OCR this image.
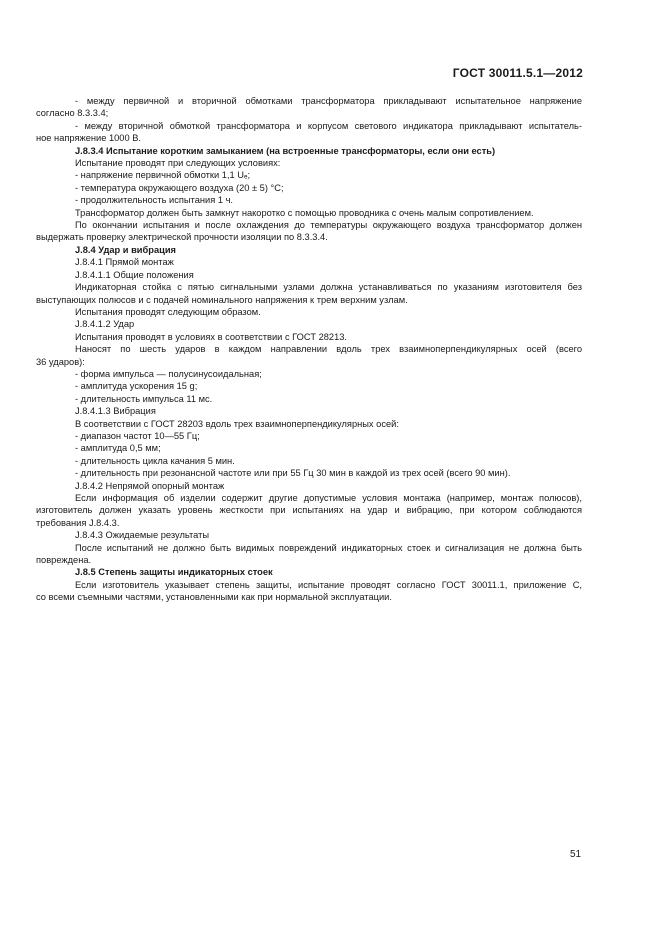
ГОСТ 30011.5.1—2012
- между первичной и вторичной обмотками трансформатора прикладывают испытательное напряжение
согласно 8.3.3.4;
- между вторичной обмоткой трансформатора и корпусом светового индикатора прикладывают испытатель-
ное напряжение 1000 В.
J.8.3.4 Испытание коротким замыканием (на встроенные трансформаторы, если они есть)
Испытание проводят при следующих условиях:
- напряжение первичной обмотки 1,1 Uₑ;
- температура окружающего воздуха (20 ± 5) °C;
- продолжительность испытания 1 ч.
Трансформатор должен быть замкнут накоротко с помощью проводника с очень малым сопротивлением.
По окончании испытания и после охлаждения до температуры окружающего воздуха трансформатор должен
выдержать проверку электрической прочности изоляции по 8.3.3.4.
J.8.4 Удар и вибрация
J.8.4.1 Прямой монтаж
J.8.4.1.1 Общие положения
Индикаторная стойка с пятью сигнальными узлами должна устанавливаться по указаниям изготовителя без
выступающих полюсов и с подачей номинального напряжения к трем верхним узлам.
Испытания проводят следующим образом.
J.8.4.1.2 Удар
Испытания проводят в условиях в соответствии с ГОСТ 28213.
Наносят по шесть ударов в каждом направлении вдоль трех взаимноперпендикулярных осей (всего
36 ударов):
- форма импульса — полусинусоидальная;
- амплитуда ускорения 15 g;
- длительность импульса 11 мс.
J.8.4.1.3 Вибрация
В соответствии с ГОСТ 28203 вдоль трех взаимноперпендикулярных осей:
- диапазон частот 10—55 Гц;
- амплитуда 0,5 мм;
- длительность цикла качания 5 мин.
- длительность при резонансной частоте или при 55 Гц 30 мин в каждой из трех осей (всего 90 мин).
J.8.4.2 Непрямой опорный монтаж
Если информация об изделии содержит другие допустимые условия монтажа (например, монтаж полюсов),
изготовитель должен указать уровень жесткости при испытаниях на удар и вибрацию, при котором соблюдаются
требования J.8.4.3.
J.8.4.3 Ожидаемые результаты
После испытаний не должно быть видимых повреждений индикаторных стоек и сигнализация не должна быть
повреждена.
J.8.5 Степень защиты индикаторных стоек
Если изготовитель указывает степень защиты, испытание проводят согласно ГОСТ 30011.1, приложение С,
со всеми съемными частями, установленными как при нормальной эксплуатации.
51
